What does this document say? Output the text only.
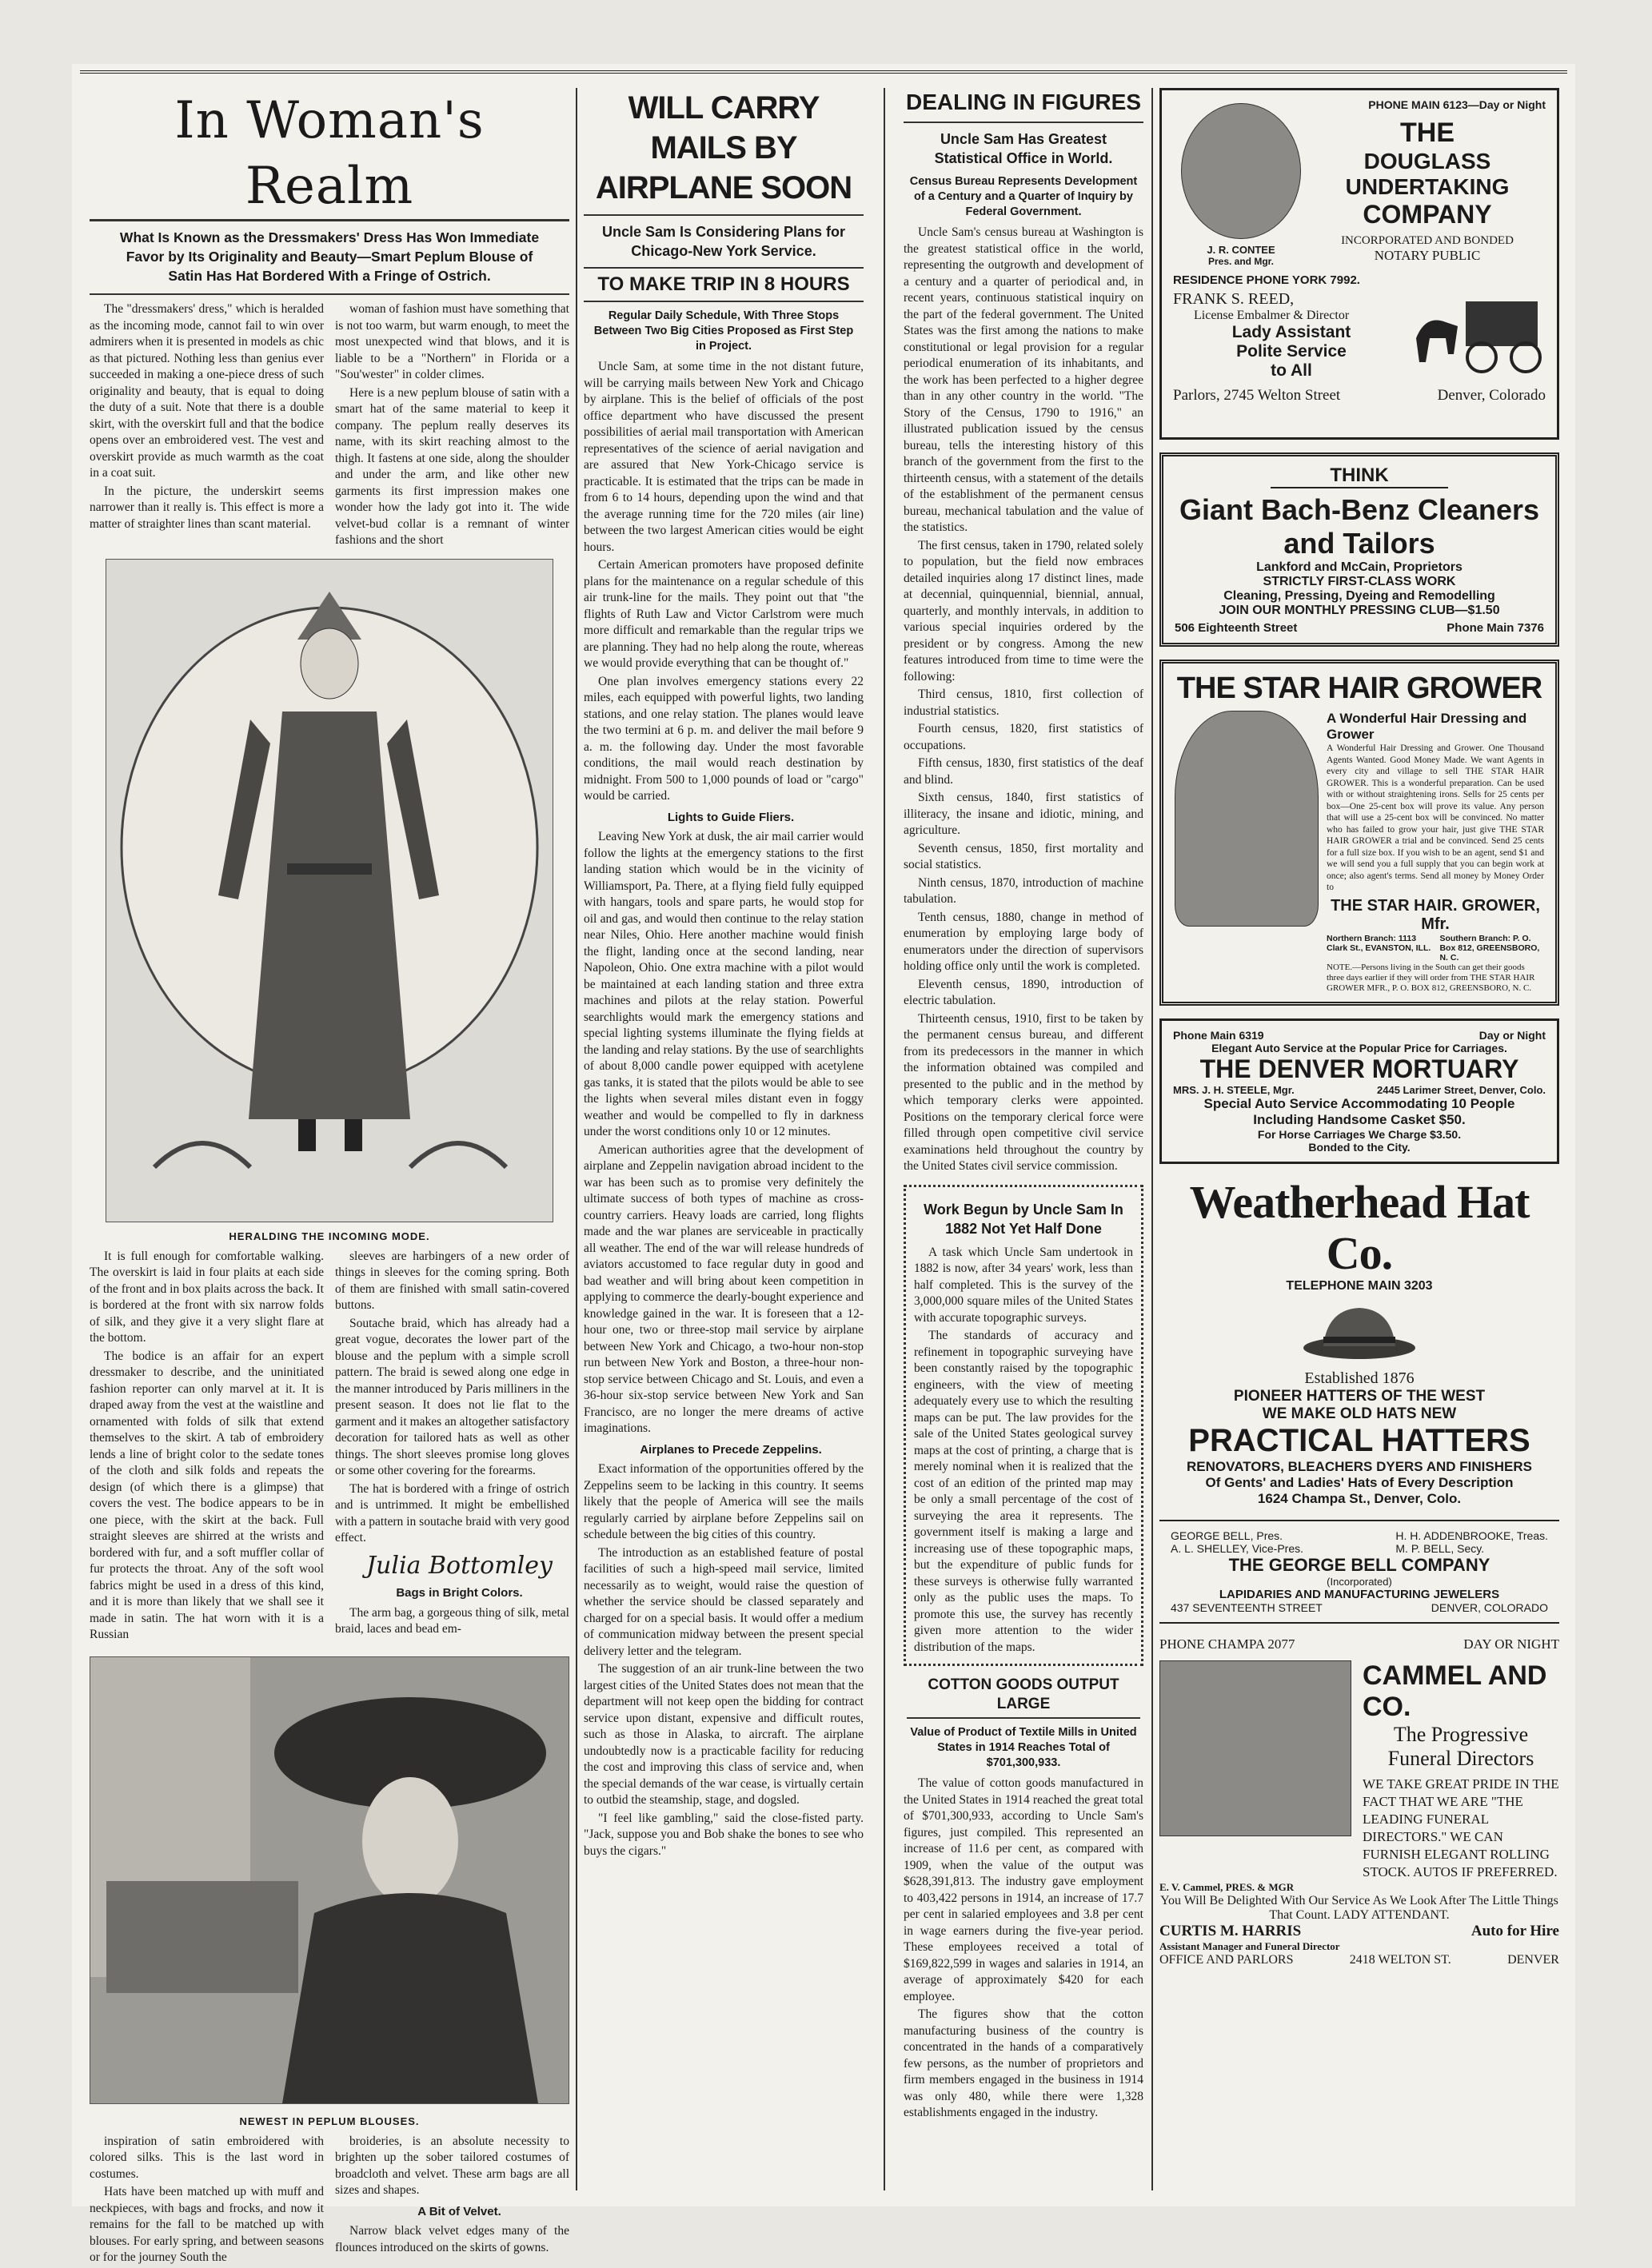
In Woman's Realm
What Is Known as the Dressmakers' Dress Has Won Immediate Favor by Its Originality and Beauty—Smart Peplum Blouse of Satin Has Hat Bordered With a Fringe of Ostrich.

The "dressmakers' dress," which is heralded as the incoming mode, cannot fail to win over admirers when it is presented in models as chic as that pictured. Nothing less than genius ever succeeded in making a one-piece dress of such originality and beauty, that is equal to doing the duty of a suit. Note that there is a double skirt, with the overskirt full and that the bodice opens over an embroidered vest. The vest and overskirt provide as much warmth as the coat in a coat suit.

In the picture, the underskirt seems narrower than it really is. This effect is more a matter of straighter lines than scant material.

woman of fashion must have something that is not too warm, but warm enough, to meet the most unexpected wind that blows, and it is liable to be a "Northern" in Florida or a "Sou'wester" in colder climes.

Here is a new peplum blouse of satin with a smart hat of the same material to keep it company. The peplum really deserves its name, with its skirt reaching almost to the thigh. It fastens at one side, along the shoulder and under the arm, and like other new garments its first impression makes one wonder how the lady got into it. The wide velvet-bud collar is a remnant of winter fashions and the short

HERALDING THE INCOMING MODE.

It is full enough for comfortable walking. The overskirt is laid in four plaits at each side of the front and in box plaits across the back. It is bordered at the front with six narrow folds of silk, and they give it a very slight flare at the bottom.

The bodice is an affair for an expert dressmaker to describe, and the uninitiated fashion reporter can only marvel at it. It is draped away from the vest at the waistline and ornamented with folds of silk that extend themselves to the skirt. A tab of embroidery lends a line of bright color to the sedate tones of the cloth and silk folds and repeats the design (of which there is a glimpse) that covers the vest. The bodice appears to be in one piece, with the skirt at the back. Full straight sleeves are shirred at the wrists and bordered with fur, and a soft muffler collar of fur protects the throat. Any of the soft wool fabrics might be used in a dress of this kind, and it is more than likely that we shall see it made in satin. The hat worn with it is a Russian

sleeves are harbingers of a new order of things in sleeves for the coming spring. Both of them are finished with small satin-covered buttons.

Soutache braid, which has already had a great vogue, decorates the lower part of the blouse and the peplum with a simple scroll pattern. The braid is sewed along one edge in the manner introduced by Paris milliners in the present season. It does not lie flat to the garment and it makes an altogether satisfactory decoration for tailored hats as well as other things. The short sleeves promise long gloves or some other covering for the forearms.

The hat is bordered with a fringe of ostrich and is untrimmed. It might be embellished with a pattern in soutache braid with very good effect.

Julia Bottomley
Bags in Bright Colors.

The arm bag, a gorgeous thing of silk, metal braid, laces and bead em-

NEWEST IN PEPLUM BLOUSES.

inspiration of satin embroidered with colored silks. This is the last word in costumes.

Hats have been matched up with muff and neckpieces, with bags and frocks, and now it remains for the fall to be matched up with blouses. For early spring, and between seasons or for the journey South the

broideries, is an absolute necessity to brighten up the sober tailored costumes of broadcloth and velvet. These arm bags are all sizes and shapes.

A Bit of Velvet.

Narrow black velvet edges many of the flounces introduced on the skirts of gowns.

WILL CARRY MAILS BY AIRPLANE SOON
Uncle Sam Is Considering Plans for Chicago-New York Service.
TO MAKE TRIP IN 8 HOURS
Regular Daily Schedule, With Three Stops Between Two Big Cities Proposed as First Step in Project.

Uncle Sam, at some time in the not distant future, will be carrying mails between New York and Chicago by airplane. This is the belief of officials of the post office department who have discussed the present possibilities of aerial mail transportation with American representatives of the science of aerial navigation and are assured that New York-Chicago service is practicable. It is estimated that the trips can be made in from 6 to 14 hours, depending upon the wind and that the average running time for the 720 miles (air line) between the two largest American cities would be eight hours.

Certain American promoters have proposed definite plans for the maintenance on a regular schedule of this air trunk-line for the mails. They point out that "the flights of Ruth Law and Victor Carlstrom were much more difficult and remarkable than the regular trips we are planning. They had no help along the route, whereas we would provide everything that can be thought of."

One plan involves emergency stations every 22 miles, each equipped with powerful lights, two landing stations, and one relay station. The planes would leave the two termini at 6 p. m. and deliver the mail before 9 a. m. the following day. Under the most favorable conditions, the mail would reach destination by midnight. From 500 to 1,000 pounds of load or "cargo" would be carried.

Lights to Guide Fliers.

Leaving New York at dusk, the air mail carrier would follow the lights at the emergency stations to the first landing station which would be in the vicinity of Williamsport, Pa. There, at a flying field fully equipped with hangars, tools and spare parts, he would stop for oil and gas, and would then continue to the relay station near Niles, Ohio. Here another machine would finish the flight, landing once at the second landing, near Napoleon, Ohio. One extra machine with a pilot would be maintained at each landing station and three extra machines and pilots at the relay station. Powerful searchlights would mark the emergency stations and special lighting systems illuminate the flying fields at the landing and relay stations. By the use of searchlights of about 8,000 candle power equipped with acetylene gas tanks, it is stated that the pilots would be able to see the lights when several miles distant even in foggy weather and would be compelled to fly in darkness under the worst conditions only 10 or 12 minutes.

American authorities agree that the development of airplane and Zeppelin navigation abroad incident to the war has been such as to promise very definitely the ultimate success of both types of machine as cross-country carriers. Heavy loads are carried, long flights made and the war planes are serviceable in practically all weather. The end of the war will release hundreds of aviators accustomed to face regular duty in good and bad weather and will bring about keen competition in applying to commerce the dearly-bought experience and knowledge gained in the war. It is foreseen that a 12-hour one, two or three-stop mail service by airplane between New York and Chicago, a two-hour non-stop run between New York and Boston, a three-hour non-stop service between Chicago and St. Louis, and even a 36-hour six-stop service between New York and San Francisco, are no longer the mere dreams of active imaginations.

Airplanes to Precede Zeppelins.

Exact information of the opportunities offered by the Zeppelins seem to be lacking in this country. It seems likely that the people of America will see the mails regularly carried by airplane before Zeppelins sail on schedule between the big cities of this country.

The introduction as an established feature of postal facilities of such a high-speed mail service, limited necessarily as to weight, would raise the question of whether the service should be classed separately and charged for on a special basis. It would offer a medium of communication midway between the present special delivery letter and the telegram.

The suggestion of an air trunk-line between the two largest cities of the United States does not mean that the department will not keep open the bidding for contract service upon distant, expensive and difficult routes, such as those in Alaska, to aircraft. The airplane undoubtedly now is a practicable facility for reducing the cost and improving this class of service and, when the special demands of the war cease, is virtually certain to outbid the steamship, stage, and dogsled.

"I feel like gambling," said the close-fisted party. "Jack, suppose you and Bob shake the bones to see who buys the cigars."

DEALING IN FIGURES
Uncle Sam Has Greatest Statistical Office in World.
Census Bureau Represents Development of a Century and a Quarter of Inquiry by Federal Government.

Uncle Sam's census bureau at Washington is the greatest statistical office in the world, representing the outgrowth and development of a century and a quarter of periodical and, in recent years, continuous statistical inquiry on the part of the federal government. The United States was the first among the nations to make constitutional or legal provision for a regular periodical enumeration of its inhabitants, and the work has been perfected to a higher degree than in any other country in the world. "The Story of the Census, 1790 to 1916," an illustrated publication issued by the census bureau, tells the interesting history of this branch of the government from the first to the thirteenth census, with a statement of the details of the establishment of the permanent census bureau, mechanical tabulation and the value of the statistics.

The first census, taken in 1790, related solely to population, but the field now embraces detailed inquiries along 17 distinct lines, made at decennial, quinquennial, biennial, annual, quarterly, and monthly intervals, in addition to various special inquiries ordered by the president or by congress. Among the new features introduced from time to time were the following:

Third census, 1810, first collection of industrial statistics.

Fourth census, 1820, first statistics of occupations.

Fifth census, 1830, first statistics of the deaf and blind.

Sixth census, 1840, first statistics of illiteracy, the insane and idiotic, mining, and agriculture.

Seventh census, 1850, first mortality and social statistics.

Ninth census, 1870, introduction of machine tabulation.

Tenth census, 1880, change in method of enumeration by employing large body of enumerators under the direction of supervisors holding office only until the work is completed.

Eleventh census, 1890, introduction of electric tabulation.

Thirteenth census, 1910, first to be taken by the permanent census bureau, and different from its predecessors in the manner in which the information obtained was compiled and presented to the public and in the method by which temporary clerks were appointed. Positions on the temporary clerical force were filled through open competitive civil service examinations held throughout the country by the United States civil service commission.

Work Begun by Uncle Sam In 1882 Not Yet Half Done

A task which Uncle Sam undertook in 1882 is now, after 34 years' work, less than half completed. This is the survey of the 3,000,000 square miles of the United States with accurate topographic surveys.

The standards of accuracy and refinement in topographic surveying have been constantly raised by the topographic engineers, with the view of meeting adequately every use to which the resulting maps can be put. The law provides for the sale of the United States geological survey maps at the cost of printing, a charge that is merely nominal when it is realized that the cost of an edition of the printed map may be only a small percentage of the cost of surveying the area it represents. The government itself is making a large and increasing use of these topographic maps, but the expenditure of public funds for these surveys is otherwise fully warranted only as the public uses the maps. To promote this use, the survey has recently given more attention to the wider distribution of the maps.

COTTON GOODS OUTPUT LARGE
Value of Product of Textile Mills in United States in 1914 Reaches Total of $701,300,933.

The value of cotton goods manufactured in the United States in 1914 reached the great total of $701,300,933, according to Uncle Sam's figures, just compiled. This represented an increase of 11.6 per cent, as compared with 1909, when the value of the output was $628,391,813. The industry gave employment to 403,422 persons in 1914, an increase of 17.7 per cent in salaried employees and 3.8 per cent in wage earners during the five-year period. These employees received a total of $169,822,599 in wages and salaries in 1914, an average of approximately $420 for each employee.

The figures show that the cotton manufacturing business of the country is concentrated in the hands of a comparatively few persons, as the number of proprietors and firm members engaged in the business in 1914 was only 480, while there were 1,328 establishments engaged in the industry.

J. R. CONTEE
Pres. and Mgr.
PHONE MAIN 6123—Day or Night
THE
DOUGLASS UNDERTAKING
COMPANY
INCORPORATED AND BONDED
NOTARY PUBLIC
RESIDENCE PHONE YORK 7992.
FRANK S. REED,
License Embalmer & Director
Lady Assistant
Polite Service
to All
Parlors, 2745 Welton Street	Denver, Colorado
THINK
Giant Bach-Benz Cleaners
and Tailors
Lankford and McCain, Proprietors
STRICTLY FIRST-CLASS WORK
Cleaning, Pressing, Dyeing and Remodelling
JOIN OUR MONTHLY PRESSING CLUB—$1.50
506 Eighteenth Street	Phone Main 7376
THE STAR HAIR GROWER
A Wonderful Hair Dressing and Grower
A Wonderful Hair Dressing and Grower. One Thousand Agents Wanted. Good Money Made. We want Agents in every city and village to sell THE STAR HAIR GROWER. This is a wonderful preparation. Can be used with or without straightening irons. Sells for 25 cents per box—One 25-cent box will prove its value. Any person that will use a 25-cent box will be convinced. No matter who has failed to grow your hair, just give THE STAR HAIR GROWER a trial and be convinced. Send 25 cents for a full size box. If you wish to be an agent, send $1 and we will send you a full supply that you can begin work at once; also agent's terms. Send all money by Money Order to
THE STAR HAIR. GROWER, Mfr.
Northern Branch: 1113 Clark St., EVANSTON, ILL.
Southern Branch: P. O. Box 812, GREENSBORO, N. C.
NOTE.—Persons living in the South can get their goods three days earlier if they will order from THE STAR HAIR GROWER MFR., P. O. BOX 812, GREENSBORO, N. C.
Phone Main 6319	Day or Night
Elegant Auto Service at the Popular Price for Carriages.
THE DENVER MORTUARY
MRS. J. H. STEELE, Mgr.	2445 Larimer Street, Denver, Colo.
Special Auto Service Accommodating 10 People Including Handsome Casket $50.
For Horse Carriages We Charge $3.50.
Bonded to the City.
Weatherhead Hat Co.
TELEPHONE MAIN 3203
Established 1876
PIONEER HATTERS OF THE WEST
WE MAKE OLD HATS NEW
PRACTICAL HATTERS
RENOVATORS, BLEACHERS DYERS AND FINISHERS
Of Gents' and Ladies' Hats of Every Description
1624 Champa St., Denver, Colo.
GEORGE BELL, Pres.
A. L. SHELLEY, Vice-Pres.
H. H. ADDENBROOKE, Treas.
M. P. BELL, Secy.
THE GEORGE BELL COMPANY
(Incorporated)
LAPIDARIES AND MANUFACTURING JEWELERS
437 SEVENTEENTH STREET	DENVER, COLORADO
PHONE CHAMPA 2077	DAY OR NIGHT
CAMMEL AND CO.
The Progressive
Funeral Directors
WE TAKE GREAT PRIDE IN THE FACT THAT WE ARE "THE LEADING FUNERAL DIRECTORS." WE CAN FURNISH ELEGANT ROLLING STOCK. AUTOS IF PREFERRED.
E. V. Cammel, PRES. & MGR
You Will Be Delighted With Our Service As We Look After The Little Things That Count. LADY ATTENDANT.
CURTIS M. HARRIS	Auto for Hire
Assistant Manager and Funeral Director
OFFICE AND PARLORS	2418 WELTON ST.	DENVER
